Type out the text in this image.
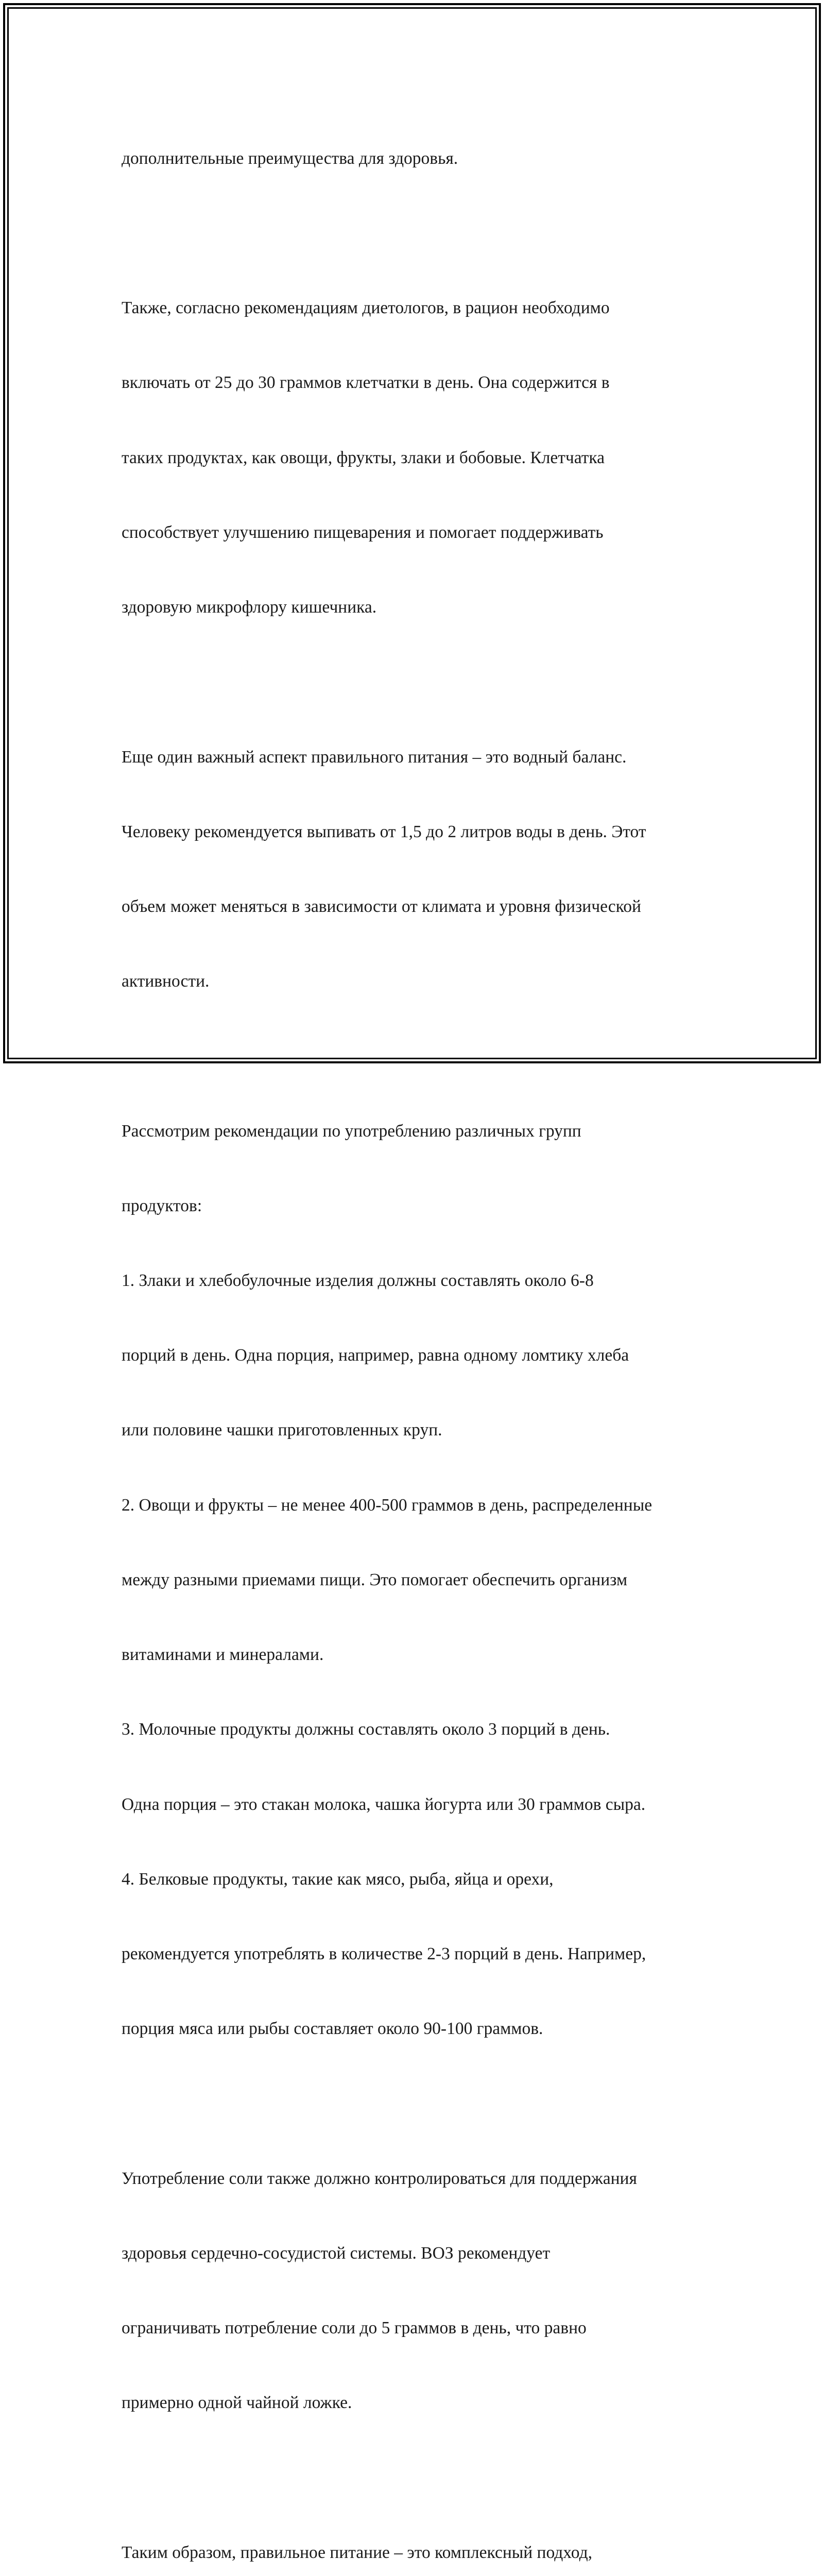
дополнительные преимущества для здоровья.

Также, согласно рекомендациям диетологов, в рацион необходимо

включать от 25 до 30 граммов клетчатки в день. Она содержится в

таких продуктах, как овощи, фрукты, злаки и бобовые. Клетчатка

способствует улучшению пищеварения и помогает поддерживать

здоровую микрофлору кишечника.

Еще один важный аспект правильного питания – это водный баланс.

Человеку рекомендуется выпивать от 1,5 до 2 литров воды в день. Этот

объем может меняться в зависимости от климата и уровня физической

активности.

Рассмотрим рекомендации по употреблению различных групп

продуктов:

1. Злаки и хлебобулочные изделия должны составлять около 6-8

порций в день. Одна порция, например, равна одному ломтику хлеба

или половине чашки приготовленных круп.

2. Овощи и фрукты – не менее 400-500 граммов в день, распределенные

между разными приемами пищи. Это помогает обеспечить организм

витаминами и минералами.

3. Молочные продукты должны составлять около 3 порций в день.

Одна порция – это стакан молока, чашка йогурта или 30 граммов сыра.

4. Белковые продукты, такие как мясо, рыба, яйца и орехи,

рекомендуется употреблять в количестве 2-3 порций в день. Например,

порция мяса или рыбы составляет около 90-100 граммов.

Употребление соли также должно контролироваться для поддержания

здоровья сердечно-сосудистой системы. ВОЗ рекомендует

ограничивать потребление соли до 5 граммов в день, что равно

примерно одной чайной ложке.

Таким образом, правильное питание – это комплексный подход,
